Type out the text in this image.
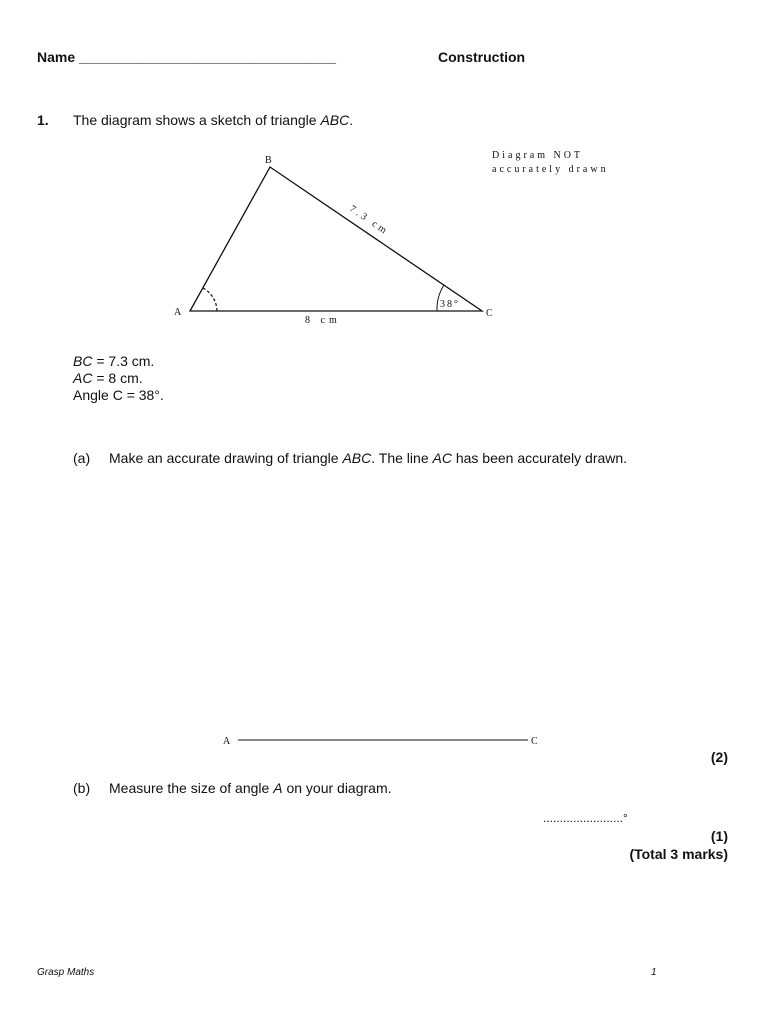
Name _________________________________	Construction
1. The diagram shows a sketch of triangle ABC.
Diagram NOT
accurately drawn
B
A	C
7.3 cm
8 cm
38°
BC = 7.3 cm.
AC = 8 cm.
Angle C = 38°.
(a) Make an accurate drawing of triangle ABC. The line AC has been accurately drawn.
A	C
(2)
(b) Measure the size of angle A on your diagram.
........................°
(1)
(Total 3 marks)
Grasp Maths	1
